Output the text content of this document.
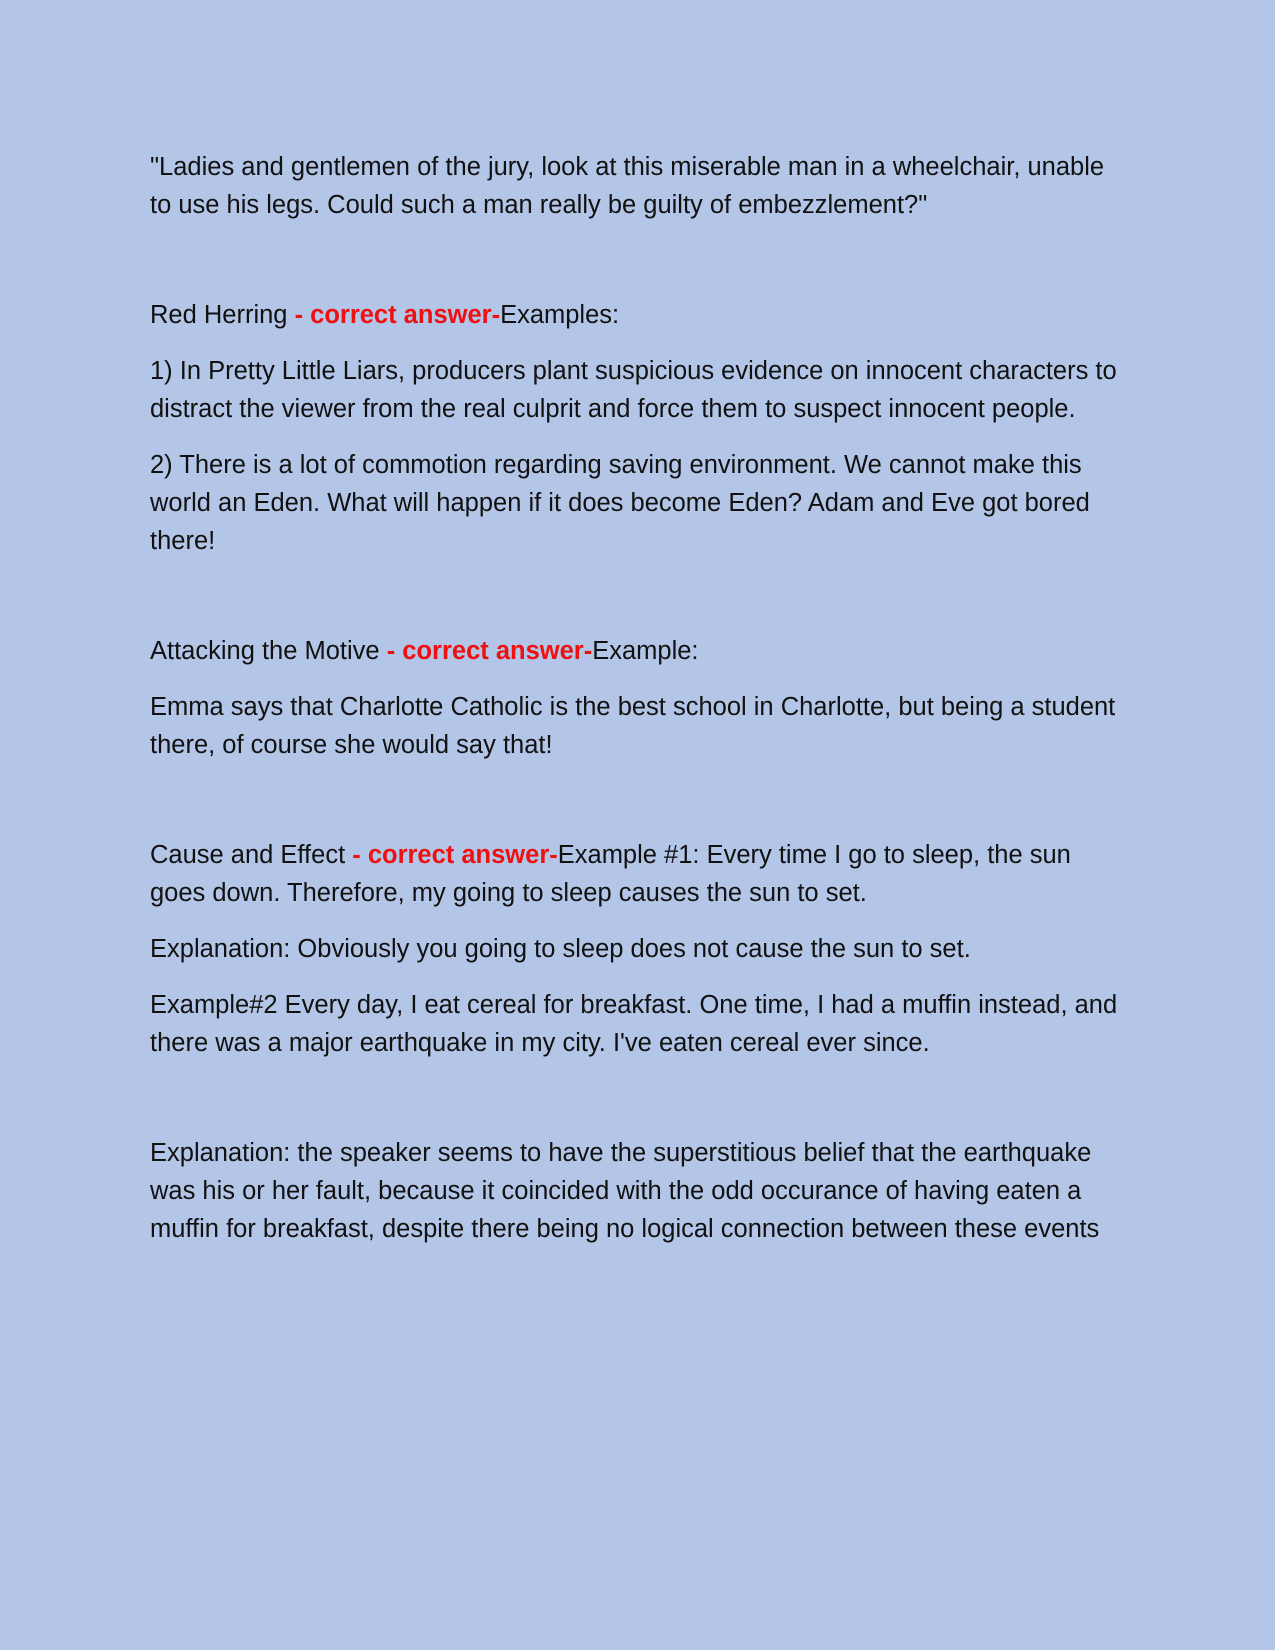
"Ladies and gentlemen of the jury, look at this miserable man in a wheelchair, unable to use his legs. Could such a man really be guilty of embezzlement?"

Red Herring - correct answer-Examples:

1) In Pretty Little Liars, producers plant suspicious evidence on innocent characters to distract the viewer from the real culprit and force them to suspect innocent people.

2) There is a lot of commotion regarding saving environment. We cannot make this world an Eden. What will happen if it does become Eden? Adam and Eve got bored there!

Attacking the Motive - correct answer-Example:

Emma says that Charlotte Catholic is the best school in Charlotte, but being a student there, of course she would say that!

Cause and Effect - correct answer-Example #1: Every time I go to sleep, the sun goes down. Therefore, my going to sleep causes the sun to set.

Explanation: Obviously you going to sleep does not cause the sun to set.

Example#2 Every day, I eat cereal for breakfast. One time, I had a muffin instead, and there was a major earthquake in my city. I've eaten cereal ever since.

Explanation: the speaker seems to have the superstitious belief that the earthquake was his or her fault, because it coincided with the odd occurance of having eaten a muffin for breakfast, despite there being no logical connection between these events
